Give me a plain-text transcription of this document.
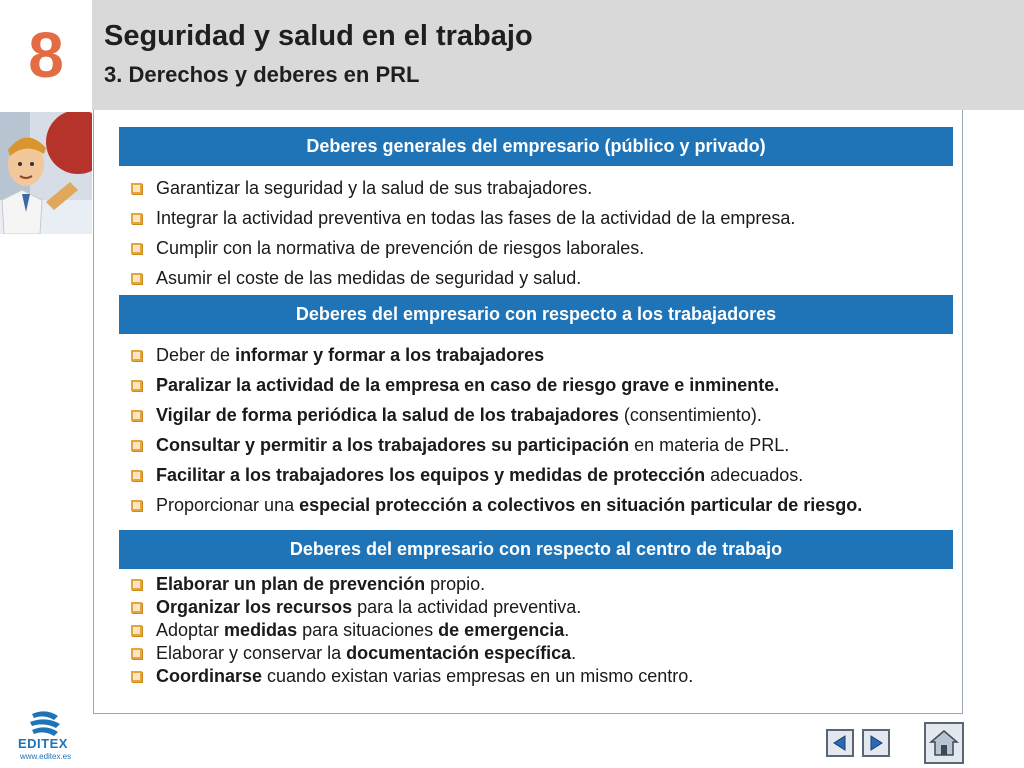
8 Seguridad y salud en el trabajo
3. Derechos y deberes en PRL
Deberes generales del empresario (público y privado)
Garantizar la seguridad y la salud de sus trabajadores.
Integrar la actividad preventiva en todas las fases de la actividad de la empresa.
Cumplir con la normativa de prevención de riesgos laborales.
Asumir el coste de las medidas de seguridad y salud.
Deberes del empresario con respecto a los trabajadores
Deber de informar y formar a los trabajadores
Paralizar la actividad de la empresa en caso de riesgo grave e inminente.
Vigilar de forma periódica la salud de los trabajadores (consentimiento).
Consultar y permitir a los trabajadores su participación en materia de PRL.
Facilitar a los trabajadores los equipos y medidas de protección adecuados.
Proporcionar una especial protección a colectivos en situación particular de riesgo.
Deberes del empresario con respecto al centro de trabajo
Elaborar un plan de prevención propio.
Organizar los recursos para la actividad preventiva.
Adoptar medidas para situaciones de emergencia.
Elaborar y conservar la documentación específica.
Coordinarse cuando existan varias empresas en un mismo centro.
EDITEX
www.editex.es
